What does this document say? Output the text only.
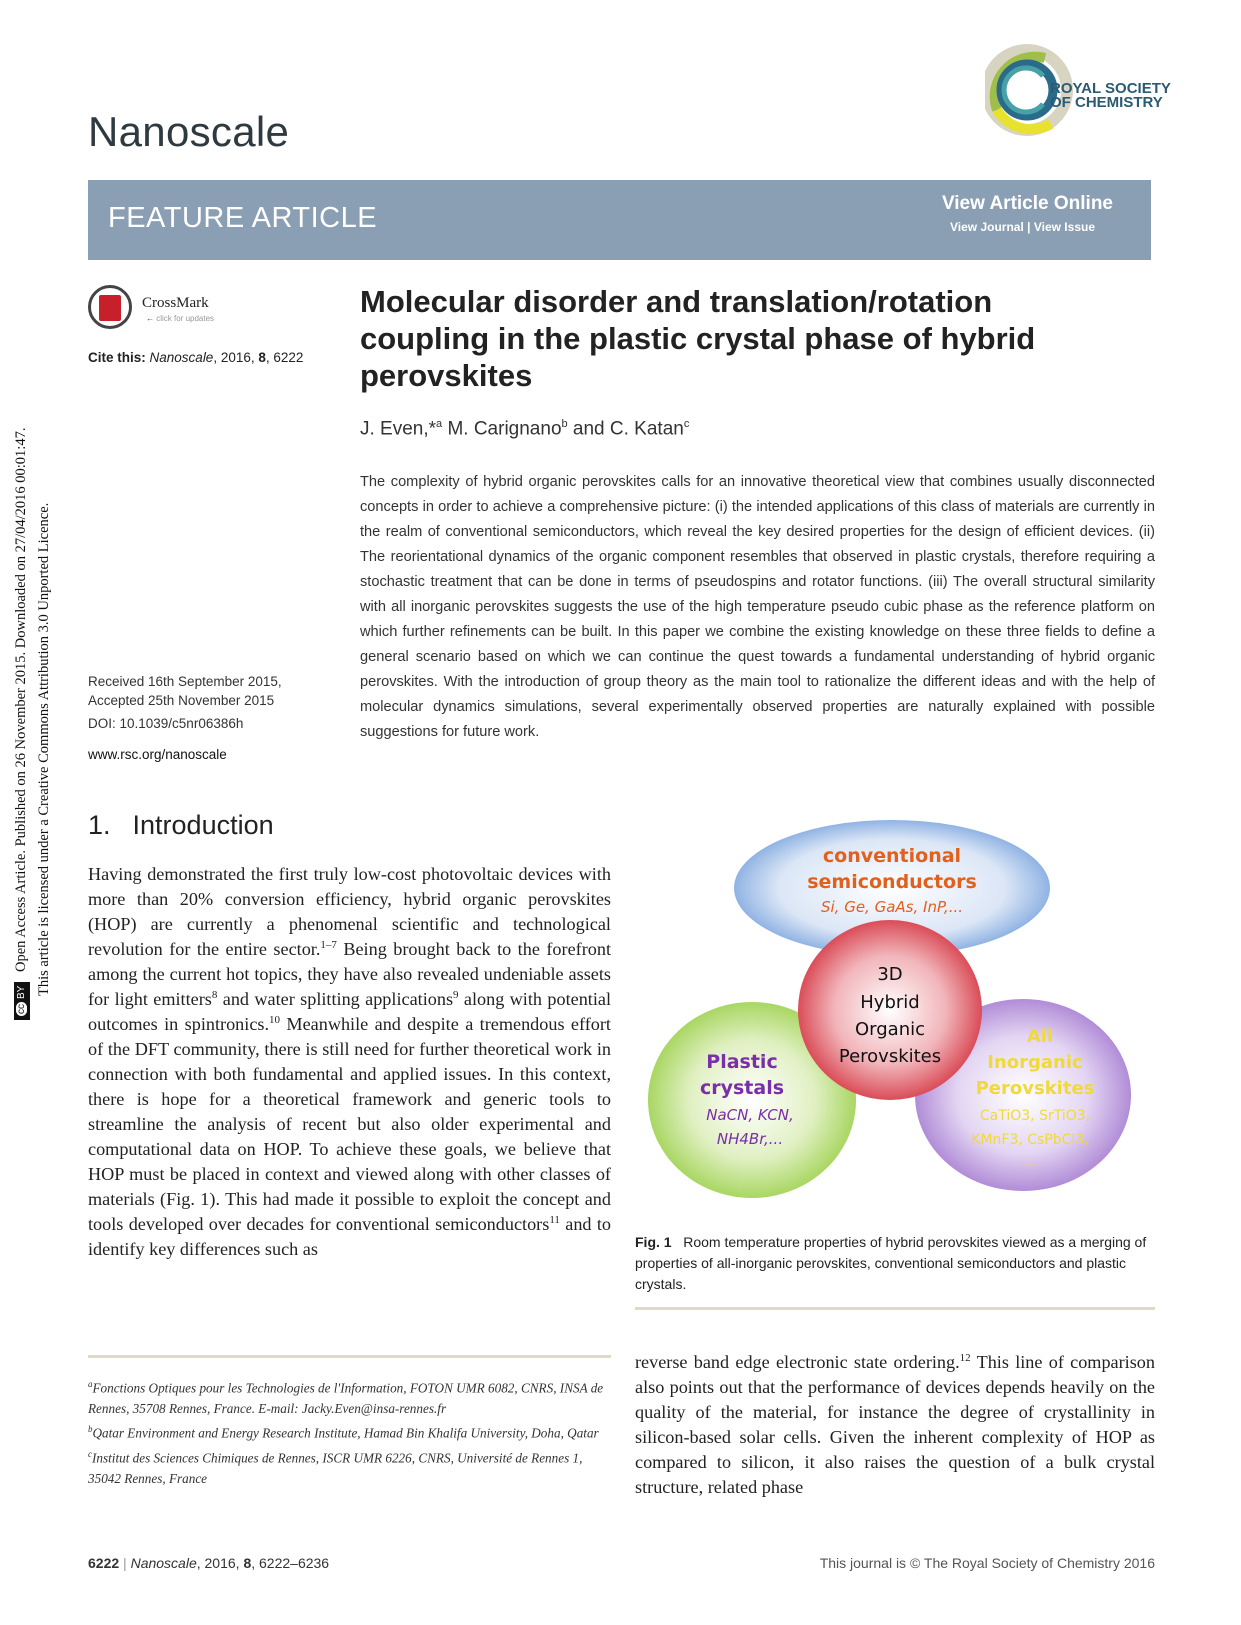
ccBY Open Access Article. Published on 26 November 2015. Downloaded on 27/04/2016 00:01:47. This article is licensed under a Creative Commons Attribution 3.0 Unported Licence.
Nanoscale
ROYAL SOCIETY
OF CHEMISTRY
FEATURE ARTICLE	View Article Online
View Journal | View Issue
CrossMark
← click for updates
Cite this: Nanoscale, 2016, 8, 6222
Received 16th September 2015,
Accepted 25th November 2015
DOI: 10.1039/c5nr06386h
www.rsc.org/nanoscale
Molecular disorder and translation/rotation coupling in the plastic crystal phase of hybrid perovskites
J. Even,*$^a$ M. Carignano$^b$ and C. Katan$^c$
The complexity of hybrid organic perovskites calls for an innovative theoretical view that combines usually disconnected concepts in order to achieve a comprehensive picture: (i) the intended applications of this class of materials are currently in the realm of conventional semiconductors, which reveal the key desired properties for the design of efficient devices. (ii) The reorientational dynamics of the organic component resembles that observed in plastic crystals, therefore requiring a stochastic treatment that can be done in terms of pseudospins and rotator functions. (iii) The overall structural similarity with all inorganic perovskites suggests the use of the high temperature pseudo cubic phase as the reference platform on which further refinements can be built. In this paper we combine the existing knowledge on these three fields to define a general scenario based on which we can continue the quest towards a fundamental understanding of hybrid organic perovskites. With the introduction of group theory as the main tool to rationalize the different ideas and with the help of molecular dynamics simulations, several experimentally observed properties are naturally explained with possible suggestions for future work.
1. Introduction
Having demonstrated the first truly low-cost photovoltaic devices with more than 20% conversion efficiency, hybrid organic perovskites (HOP) are currently a phenomenal scientific and technological revolution for the entire sector.$^{1-7}$ Being brought back to the forefront among the current hot topics, they have also revealed undeniable assets for light emitters$^8$ and water splitting applications$^9$ along with potential outcomes in spintronics.$^{10}$ Meanwhile and despite a tremendous effort of the DFT community, there is still need for further theoretical work in connection with both fundamental and applied issues. In this context, there is hope for a theoretical framework and generic tools to streamline the analysis of recent but also older experimental and computational data on HOP. To achieve these goals, we believe that HOP must be placed in context and viewed along with other classes of materials (Fig. 1). This had made it possible to exploit the concept and tools developed over decades for conventional semiconductors$^{11}$ and to identify key differences such as
$^a$Fonctions Optiques pour les Technologies de l'Information, FOTON UMR 6082, CNRS, INSA de Rennes, 35708 Rennes, France. E-mail: Jacky.Even@insa-rennes.fr
$^b$Qatar Environment and Energy Research Institute, Hamad Bin Khalifa University, Doha, Qatar
$^c$Institut des Sciences Chimiques de Rennes, ISCR UMR 6226, CNRS, Université de Rennes 1, 35042 Rennes, France
conventional
semiconductors
Si, Ge, GaAs, InP,...
3D
Hybrid
Organic
Perovskites
Plastic
crystals
NaCN, KCN,
NH4Br,...
All
Inorganic
Perovskites
CaTiO3, SrTiO3,
KMnF3, CsPbCl3,
...
Fig. 1 Room temperature properties of hybrid perovskites viewed as a merging of properties of all-inorganic perovskites, conventional semiconductors and plastic crystals.
reverse band edge electronic state ordering.$^{12}$ This line of comparison also points out that the performance of devices depends heavily on the quality of the material, for instance the degree of crystallinity in silicon-based solar cells. Given the inherent complexity of HOP as compared to silicon, it also raises the question of a bulk crystal structure, related phase
6222 | Nanoscale, 2016, 8, 6222–6236	This journal is © The Royal Society of Chemistry 2016
